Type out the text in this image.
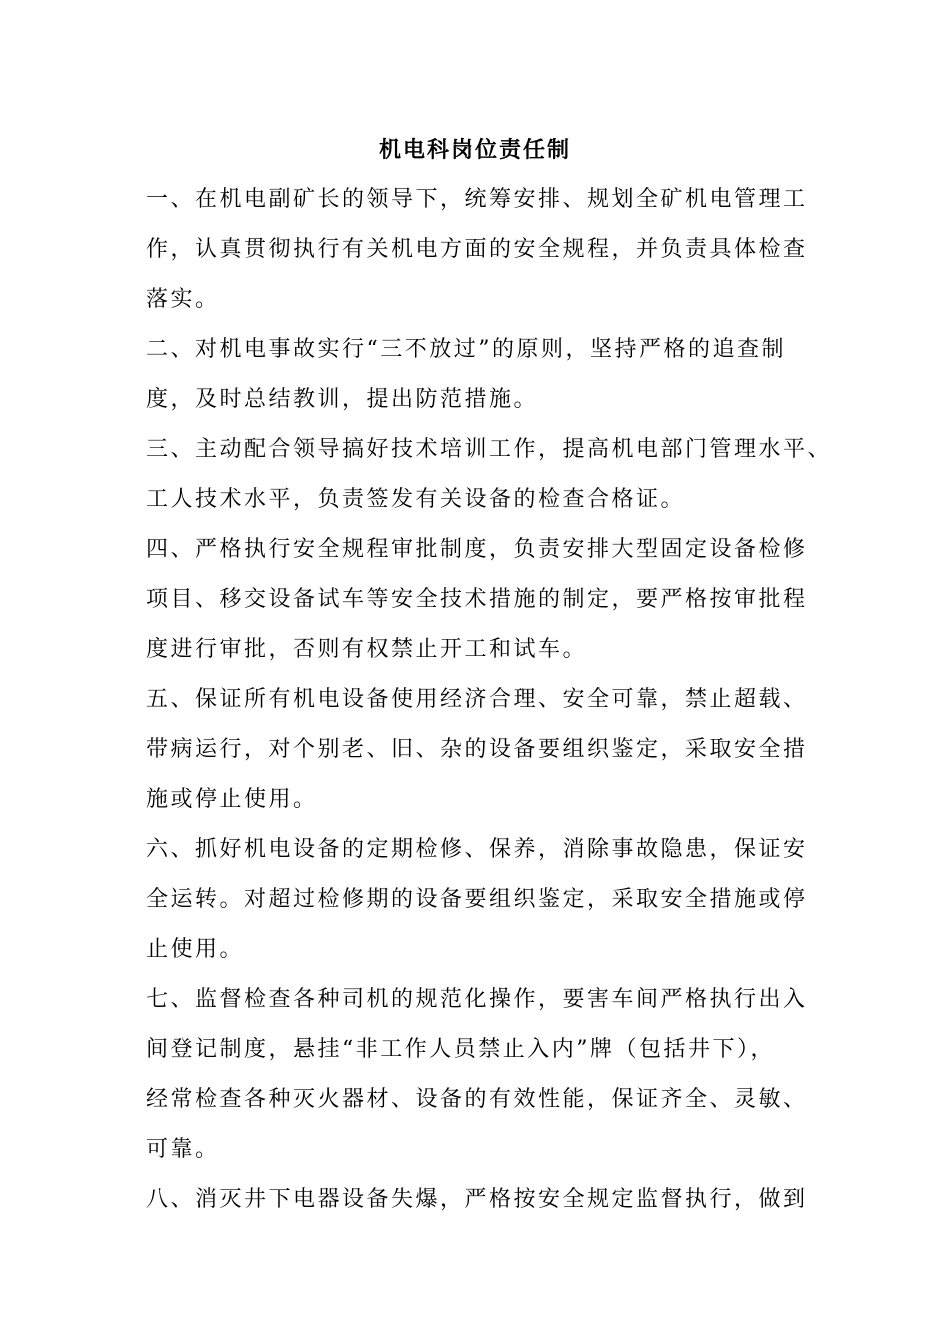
机电科岗位责任制
一、在机电副矿长的领导下，统筹安排、规划全矿机电管理工
作，认真贯彻执行有关机电方面的安全规程，并负责具体检查
落实。
二、对机电事故实行“三不放过”的原则，坚持严格的追查制
度，及时总结教训，提出防范措施。
三、主动配合领导搞好技术培训工作，提高机电部门管理水平、
工人技术水平，负责签发有关设备的检查合格证。
四、严格执行安全规程审批制度，负责安排大型固定设备检修
项目、移交设备试车等安全技术措施的制定，要严格按审批程
度进行审批，否则有权禁止开工和试车。
五、保证所有机电设备使用经济合理、安全可靠，禁止超载、
带病运行，对个别老、旧、杂的设备要组织鉴定，采取安全措
施或停止使用。
六、抓好机电设备的定期检修、保养，消除事故隐患，保证安
全运转。对超过检修期的设备要组织鉴定，采取安全措施或停
止使用。
七、监督检查各种司机的规范化操作，要害车间严格执行出入
间登记制度，悬挂“非工作人员禁止入内”牌（包括井下），
经常检查各种灭火器材、设备的有效性能，保证齐全、灵敏、
可靠。
八、消灭井下电器设备失爆，严格按安全规定监督执行，做到
